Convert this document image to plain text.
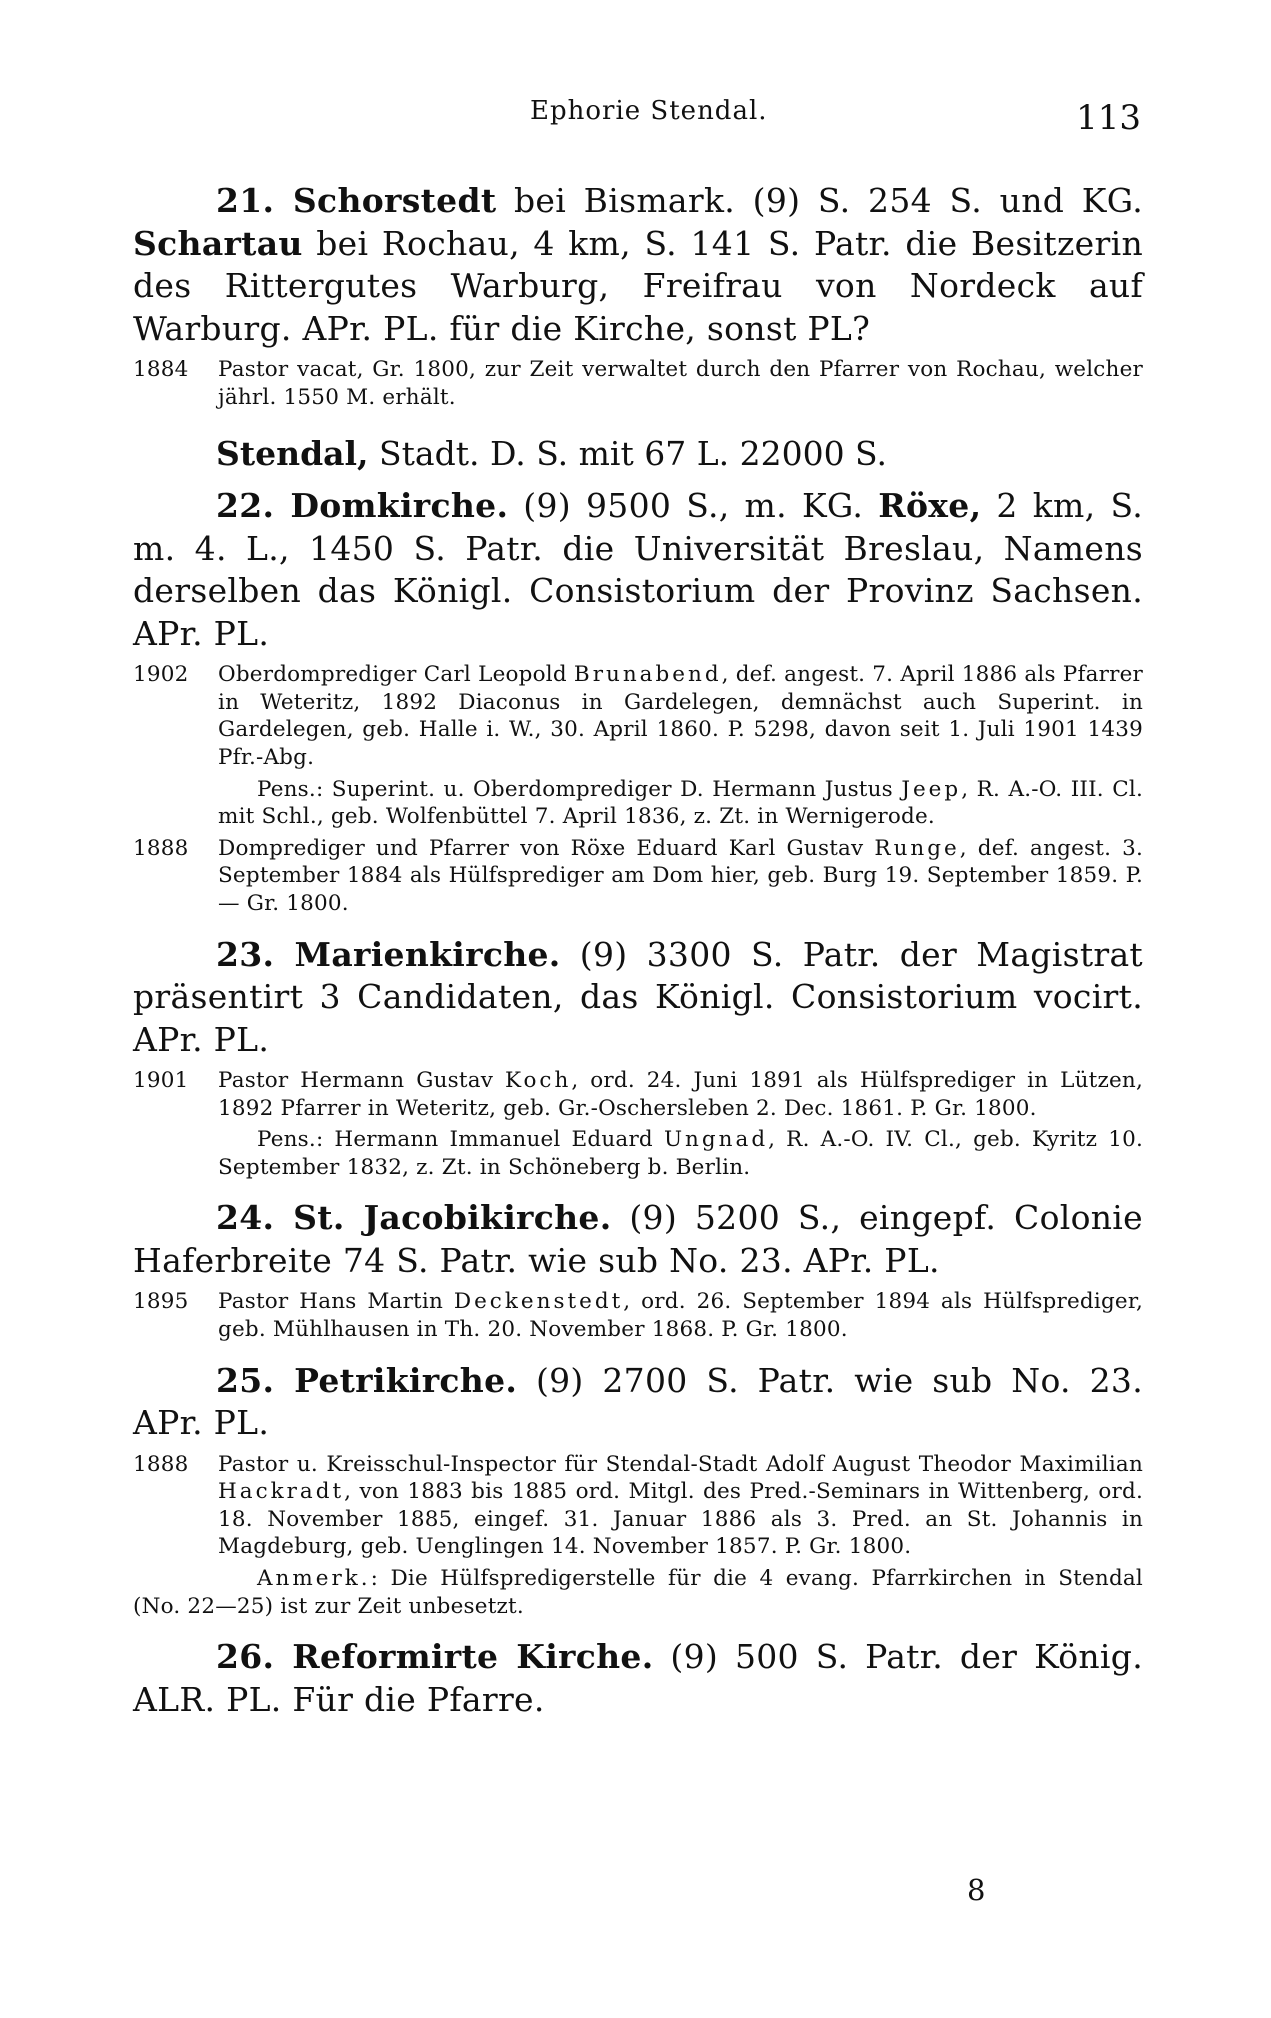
Ephorie Stendal.	113

21. Schorstedt bei Bismark. (9) S. 254 S. und KG. Schartau bei Rochau, 4 km, S. 141 S. Patr. die Besitzerin des Rittergutes Warburg, Freifrau von Nordeck auf Warburg. APr. PL. für die Kirche, sonst PL?

1884 Pastor vacat, Gr. 1800, zur Zeit verwaltet durch den Pfarrer von Rochau, welcher jährl. 1550 M. erhält.

Stendal, Stadt. D. S. mit 67 L. 22000 S.

22. Domkirche. (9) 9500 S., m. KG. Röxe, 2 km, S. m. 4. L., 1450 S. Patr. die Universität Breslau, Namens derselben das Königl. Consistorium der Provinz Sachsen. APr. PL.

1902 Oberdomprediger Carl Leopold Brunabend, def. angest. 7. April 1886 als Pfarrer in Weteritz, 1892 Diaconus in Gardelegen, demnächst auch Superint. in Gardelegen, geb. Halle i. W., 30. April 1860. P. 5298, davon seit 1. Juli 1901 1439 Pfr.-Abg.

Pens.: Superint. u. Oberdomprediger D. Hermann Justus Jeep, R. A.-O. III. Cl. mit Schl., geb. Wolfenbüttel 7. April 1836, z. Zt. in Wernigerode.

1888 Domprediger und Pfarrer von Röxe Eduard Karl Gustav Runge, def. angest. 3. September 1884 als Hülfsprediger am Dom hier, geb. Burg 19. September 1859. P. — Gr. 1800.

23. Marienkirche. (9) 3300 S. Patr. der Magistrat präsentirt 3 Candidaten, das Königl. Consistorium vocirt. APr. PL.

1901 Pastor Hermann Gustav Koch, ord. 24. Juni 1891 als Hülfsprediger in Lützen, 1892 Pfarrer in Weteritz, geb. Gr.-Oschersleben 2. Dec. 1861. P. Gr. 1800.

Pens.: Hermann Immanuel Eduard Ungnad, R. A.-O. IV. Cl., geb. Kyritz 10. September 1832, z. Zt. in Schöneberg b. Berlin.

24. St. Jacobikirche. (9) 5200 S., eingepf. Colonie Haferbreite 74 S. Patr. wie sub No. 23. APr. PL.

1895 Pastor Hans Martin Deckenstedt, ord. 26. September 1894 als Hülfsprediger, geb. Mühlhausen in Th. 20. November 1868. P. Gr. 1800.

25. Petrikirche. (9) 2700 S. Patr. wie sub No. 23. APr. PL.

1888 Pastor u. Kreisschul-Inspector für Stendal-Stadt Adolf August Theodor Maximilian Hackradt, von 1883 bis 1885 ord. Mitgl. des Pred.-Seminars in Wittenberg, ord. 18. November 1885, eingef. 31. Januar 1886 als 3. Pred. an St. Johannis in Magdeburg, geb. Uenglingen 14. November 1857. P. Gr. 1800.

Anmerk.: Die Hülfspredigerstelle für die 4 evang. Pfarrkirchen in Stendal (No. 22—25) ist zur Zeit unbesetzt.

26. Reformirte Kirche. (9) 500 S. Patr. der König. ALR. PL. Für die Pfarre.

8
